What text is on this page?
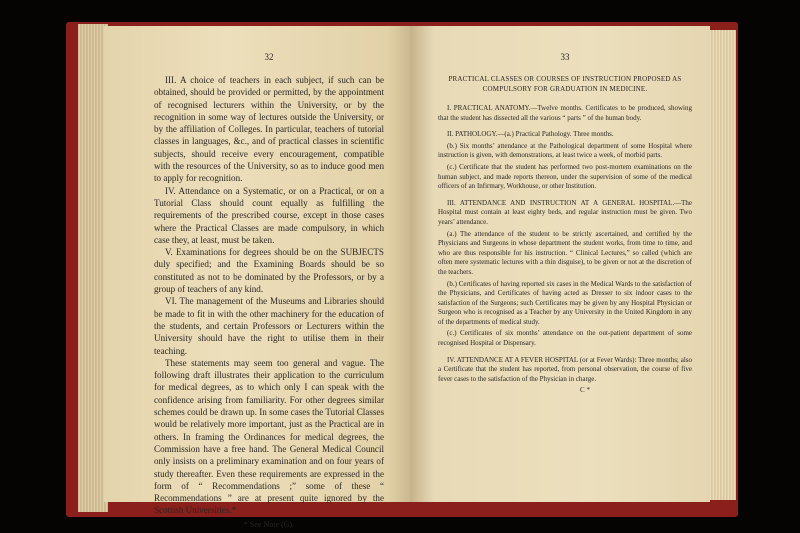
32

III. A choice of teachers in each subject, if such can be obtained, should be provided or permitted, by the appointment of recognised lecturers within the University, or by the recognition in some way of lectures outside the University, or by the affiliation of Colleges. In particular, teachers of tutorial classes in languages, &c., and of practical classes in scientific subjects, should receive every encouragement, compatible with the resources of the University, so as to induce good men to apply for recognition.

IV. Attendance on a Systematic, or on a Practical, or on a Tutorial Class should count equally as fulfilling the requirements of the prescribed course, except in those cases where the Practical Classes are made compulsory, in which case they, at least, must be taken.

V. Examinations for degrees should be on the SUBJECTS duly specified; and the Examining Boards should be so constituted as not to be dominated by the Professors, or by a group of teachers of any kind.

VI. The management of the Museums and Libraries should be made to fit in with the other machinery for the education of the students, and certain Professors or Lecturers within the University should have the right to utilise them in their teaching.

These statements may seem too general and vague. The following draft illustrates their application to the curriculum for medical degrees, as to which only I can speak with the confidence arising from familiarity. For other degrees similar schemes could be drawn up. In some cases the Tutorial Classes would be relatively more important, just as the Practical are in others. In framing the Ordinances for medical degrees, the Commission have a free hand. The General Medical Council only insists on a preliminary examination and on four years of study thereafter. Even these requirements are expressed in the form of “ Recommendations ;” some of these “ Recommendations ” are at present quite ignored by the Scottish Universities.*

* See Note (G).
33
PRACTICAL CLASSES OR COURSES OF INSTRUCTION PROPOSED AS COMPULSORY FOR GRADUATION IN MEDICINE.

I. PRACTICAL ANATOMY.—Twelve months. Certificates to be produced, showing that the student has dissected all the various “ parts ” of the human body.

II. PATHOLOGY.—(a.) Practical Pathology. Three months.

(b.) Six months’ attendance at the Pathological department of some Hospital where instruction is given, with demonstrations, at least twice a week, of morbid parts.

(c.) Certificate that the student has performed two post-mortem examinations on the human subject, and made reports thereon, under the supervision of some of the medical officers of an Infirmary, Workhouse, or other Institution.

III. ATTENDANCE AND INSTRUCTION AT A GENERAL HOSPITAL.—The Hospital must contain at least eighty beds, and regular instruction must be given. Two years’ attendance.

(a.) The attendance of the student to be strictly ascertained, and certified by the Physicians and Surgeons in whose department the student works, from time to time, and who are thus responsible for his instruction. “ Clinical Lectures,” so called (which are often mere systematic lectures with a thin disguise), to be given or not at the discretion of the teachers.

(b.) Certificates of having reported six cases in the Medical Wards to the satisfaction of the Physicians, and Certificates of having acted as Dresser to six indoor cases to the satisfaction of the Surgeons; such Certificates may be given by any Hospital Physician or Surgeon who is recognised as a Teacher by any University in the United Kingdom in any of the departments of medical study.

(c.) Certificates of six months’ attendance on the out-patient department of some recognised Hospital or Dispensary.

IV. ATTENDANCE AT A FEVER HOSPITAL (or at Fever Wards): Three months; also a Certificate that the student has reported, from personal observation, the course of five fever cases to the satisfaction of the Physician in charge.

C *
